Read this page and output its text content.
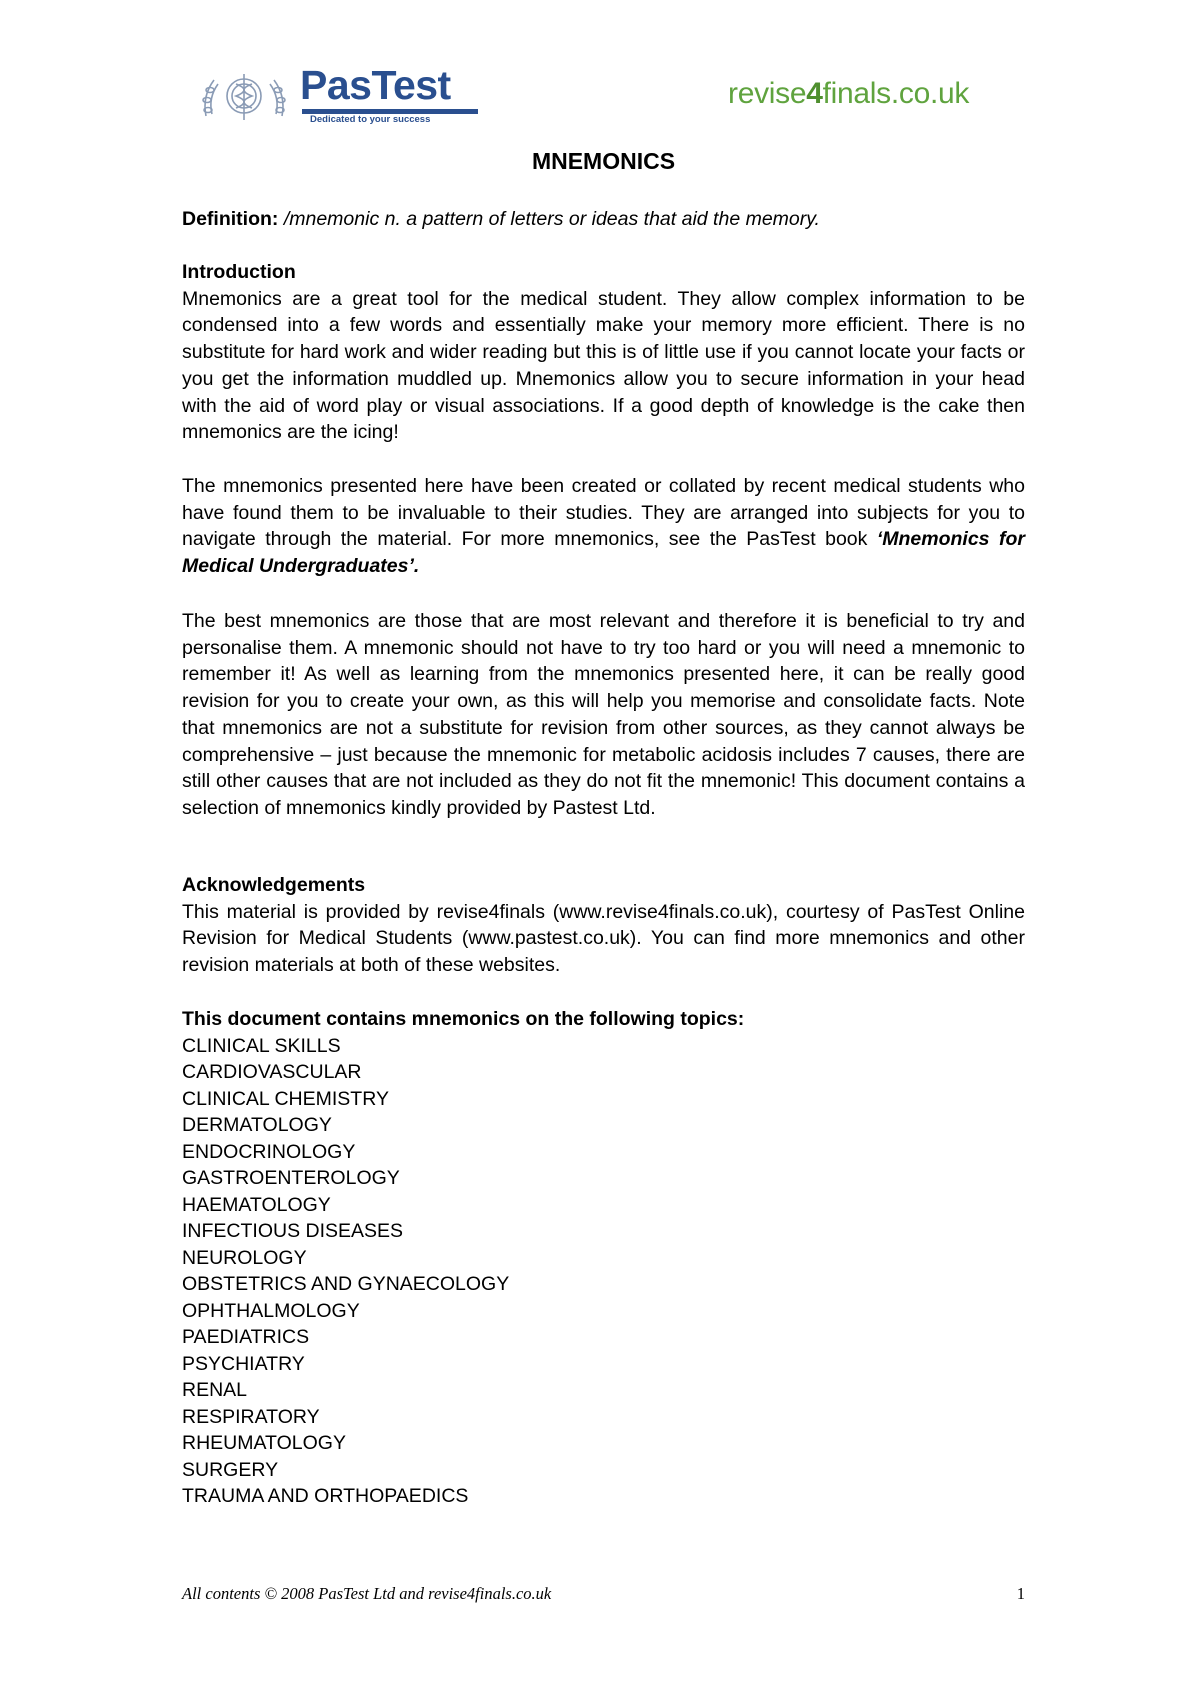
PasTest
Dedicated to your success
revise4finals.co.uk
MNEMONICS
Definition: /mnemonic n. a pattern of letters or ideas that aid the memory.
Introduction

Mnemonics are a great tool for the medical student. They allow complex information to be condensed into a few words and essentially make your memory more efficient. There is no substitute for hard work and wider reading but this is of little use if you cannot locate your facts or you get the information muddled up. Mnemonics allow you to secure information in your head with the aid of word play or visual associations. If a good depth of knowledge is the cake then mnemonics are the icing!

The mnemonics presented here have been created or collated by recent medical students who have found them to be invaluable to their studies. They are arranged into subjects for you to navigate through the material. For more mnemonics, see the PasTest book ‘Mnemonics for Medical Undergraduates’.

The best mnemonics are those that are most relevant and therefore it is beneficial to try and personalise them. A mnemonic should not have to try too hard or you will need a mnemonic to remember it! As well as learning from the mnemonics presented here, it can be really good revision for you to create your own, as this will help you memorise and consolidate facts. Note that mnemonics are not a substitute for revision from other sources, as they cannot always be comprehensive – just because the mnemonic for metabolic acidosis includes 7 causes, there are still other causes that are not included as they do not fit the mnemonic! This document contains a selection of mnemonics kindly provided by Pastest Ltd.

Acknowledgements

This material is provided by revise4finals (www.revise4finals.co.uk), courtesy of PasTest Online Revision for Medical Students (www.pastest.co.uk). You can find more mnemonics and other revision materials at both of these websites.

This document contains mnemonics on the following topics:
CLINICAL SKILLS
CARDIOVASCULAR
CLINICAL CHEMISTRY
DERMATOLOGY
ENDOCRINOLOGY
GASTROENTEROLOGY
HAEMATOLOGY
INFECTIOUS DISEASES
NEUROLOGY
OBSTETRICS AND GYNAECOLOGY
OPHTHALMOLOGY
PAEDIATRICS
PSYCHIATRY
RENAL
RESPIRATORY
RHEUMATOLOGY
SURGERY
TRAUMA AND ORTHOPAEDICS
All contents © 2008 PasTest Ltd and revise4finals.co.uk	1
